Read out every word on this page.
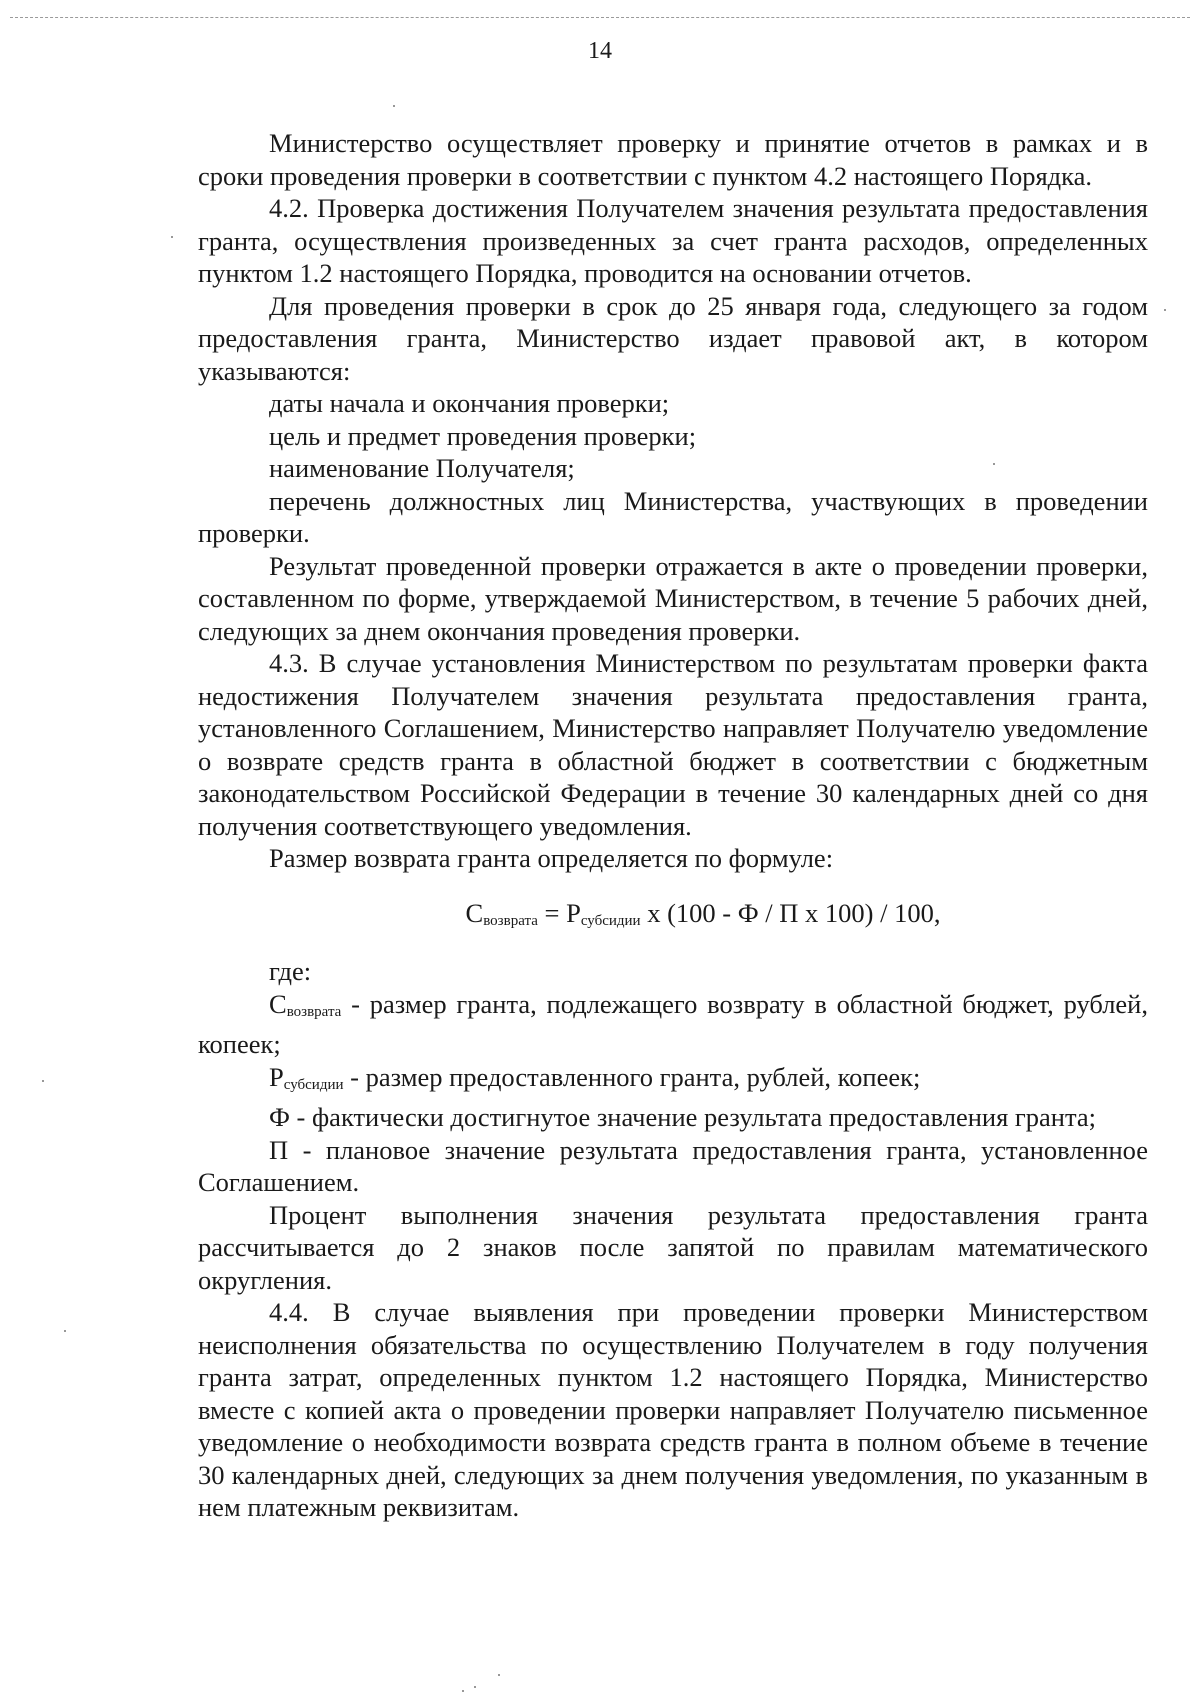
14

Министерство осуществляет проверку и принятие отчетов в рамках и в сроки проведения проверки в соответствии с пунктом 4.2 настоящего Порядка.

4.2. Проверка достижения Получателем значения результата предоставления гранта, осуществления произведенных за счет гранта расходов, определенных пунктом 1.2 настоящего Порядка, проводится на основании отчетов.

Для проведения проверки в срок до 25 января года, следующего за годом предоставления гранта, Министерство издает правовой акт, в котором указываются:

даты начала и окончания проверки;

цель и предмет проведения проверки;

наименование Получателя;

перечень должностных лиц Министерства, участвующих в проведении проверки.

Результат проведенной проверки отражается в акте о проведении проверки, составленном по форме, утверждаемой Министерством, в течение 5 рабочих дней, следующих за днем окончания проведения проверки.

4.3. В случае установления Министерством по результатам проверки факта недостижения Получателем значения результата предоставления гранта, установленного Соглашением, Министерство направляет Получателю уведомление о возврате средств гранта в областной бюджет в соответствии с бюджетным законодательством Российской Федерации в течение 30 календарных дней со дня получения соответствующего уведомления.

Размер возврата гранта определяется по формуле:

$С_{возврата} = Р_{субсидии}$ х (100 - Ф / П х 100) / 100,

где:

$С_{возврата}$ - размер гранта, подлежащего возврату в областной бюджет, рублей, копеек;

$Р_{субсидии}$ - размер предоставленного гранта, рублей, копеек;

Ф - фактически достигнутое значение результата предоставления гранта;

П - плановое значение результата предоставления гранта, установленное Соглашением.

Процент выполнения значения результата предоставления гранта рассчитывается до 2 знаков после запятой по правилам математического округления.

4.4. В случае выявления при проведении проверки Министерством неисполнения обязательства по осуществлению Получателем в году получения гранта затрат, определенных пунктом 1.2 настоящего Порядка, Министерство вместе с копией акта о проведении проверки направляет Получателю письменное уведомление о необходимости возврата средств гранта в полном объеме в течение 30 календарных дней, следующих за днем получения уведомления, по указанным в нем платежным реквизитам.
